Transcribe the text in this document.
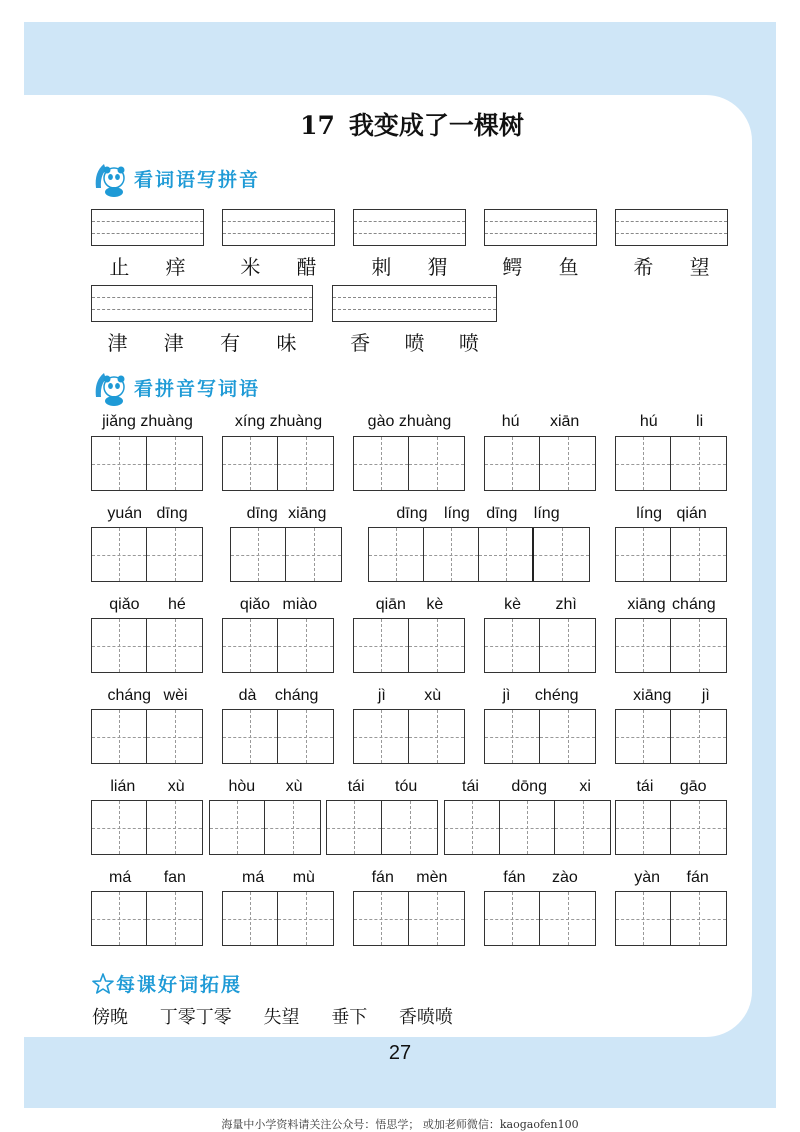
17 我变成了一棵树
看词语写拼音
止 痒	米 醋	刺 猬	鳄 鱼	希 望
津 津 有 味	香 喷 喷
看拼音写词语
jiǎng zhuàng	xíng zhuàng	gào zhuàng	hú xiān	hú li
yuán dīng	dīng xiāng	dīng líng dīng líng	líng qián
qiǎo hé	qiǎo miào	qiān kè	kè zhì	xiāng cháng
cháng wèi	dà cháng	jì xù	jì chéng	xiāng jì
lián xù	hòu xù	tái tóu	tái dōng xi	tái gāo
má fan	má mù	fán mèn	fán zào	yàn fán
每课好词拓展
傍晚 丁零丁零 失望 垂下 香喷喷
27
海量中小学资料请关注公众号：悟思学； 或加老师微信：kaogaofen100
